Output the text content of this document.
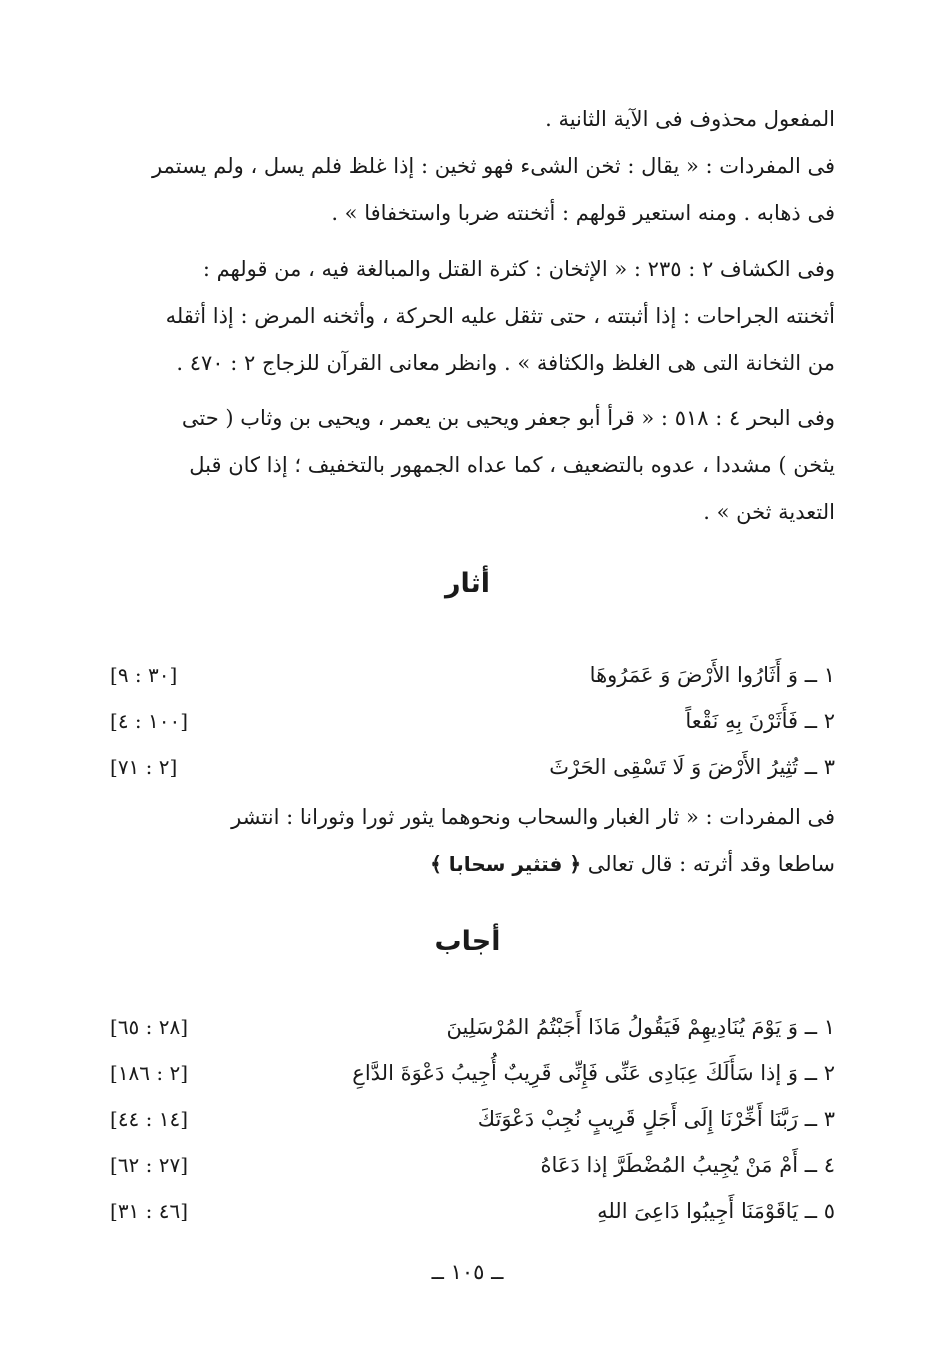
المفعول محذوف فى الآية الثانية .

فى المفردات : « يقال : ثخن الشىء فهو ثخين : إذا غلظ فلم يسل ، ولم يستمر
فى ذهابه . ومنه استعير قولهم : أثخنته ضربا واستخفافا » .

وفى الكشاف ٢ : ٢٣٥ : « الإثخان : كثرة القتل والمبالغة فيه ، من قولهم :
أثخنته الجراحات : إذا أثبتته ، حتى تثقل عليه الحركة ، وأثخنه المرض : إذا أثقله
من الثخانة التى هى الغلظ والكثافة » . وانظر معانى القرآن للزجاج ٢ : ٤٧٠ .

وفى البحر ٤ : ٥١٨ : « قرأ أبو جعفر ويحيى بن يعمر ، ويحيى بن وثاب ( حتى
يثخن ) مشددا ، عدوه بالتضعيف ، كما عداه الجمهور بالتخفيف ؛ إذا كان قبل
التعدية ثخن » .

أثار
١ ــ وَ أَثَارُوا الأَرْضَ وَ عَمَرُوهَا
[٣٠ : ٩]
٢ ــ فَأَثَرْنَ بِهِ نَقْعاً
[١٠٠ : ٤]
٣ ــ تُثِيرُ الأَرْضَ وَ لَا تَسْقِى الحَرْثَ
[٢ : ٧١]

فى المفردات : « ثار الغبار والسحاب ونحوهما يثور ثورا وثورانا : انتشر
ساطعا وقد أثرته : قال تعالى ﴿ فتثير سحابا ﴾

أجاب
١ ــ وَ يَوْمَ يُنَادِيهِمْ فَيَقُولُ مَاذَا أَجَبْتُمُ المُرْسَلِينَ
[٢٨ : ٦٥]
٢ ــ وَ إذا سَأَلَكَ عِبَادِى عَنِّى فَإِنِّى قَرِيبٌ أُجِيبُ دَعْوَةَ الدَّاعِ
[٢ : ١٨٦]
٣ ــ رَبَّنَا أَخِّرْنَا إِلَى أَجَلٍ قَرِيبٍ نُجِبْ دَعْوَتَكَ
[١٤ : ٤٤]
٤ ــ أَمْ مَنْ يُجِيبُ المُضْطَرَّ إذا دَعَاهُ
[٢٧ : ٦٢]
٥ ــ يَاقَوْمَنَا أَجِيبُوا دَاعِىَ اللهِ
[٤٦ : ٣١]
ــ ١٠٥ ــ
